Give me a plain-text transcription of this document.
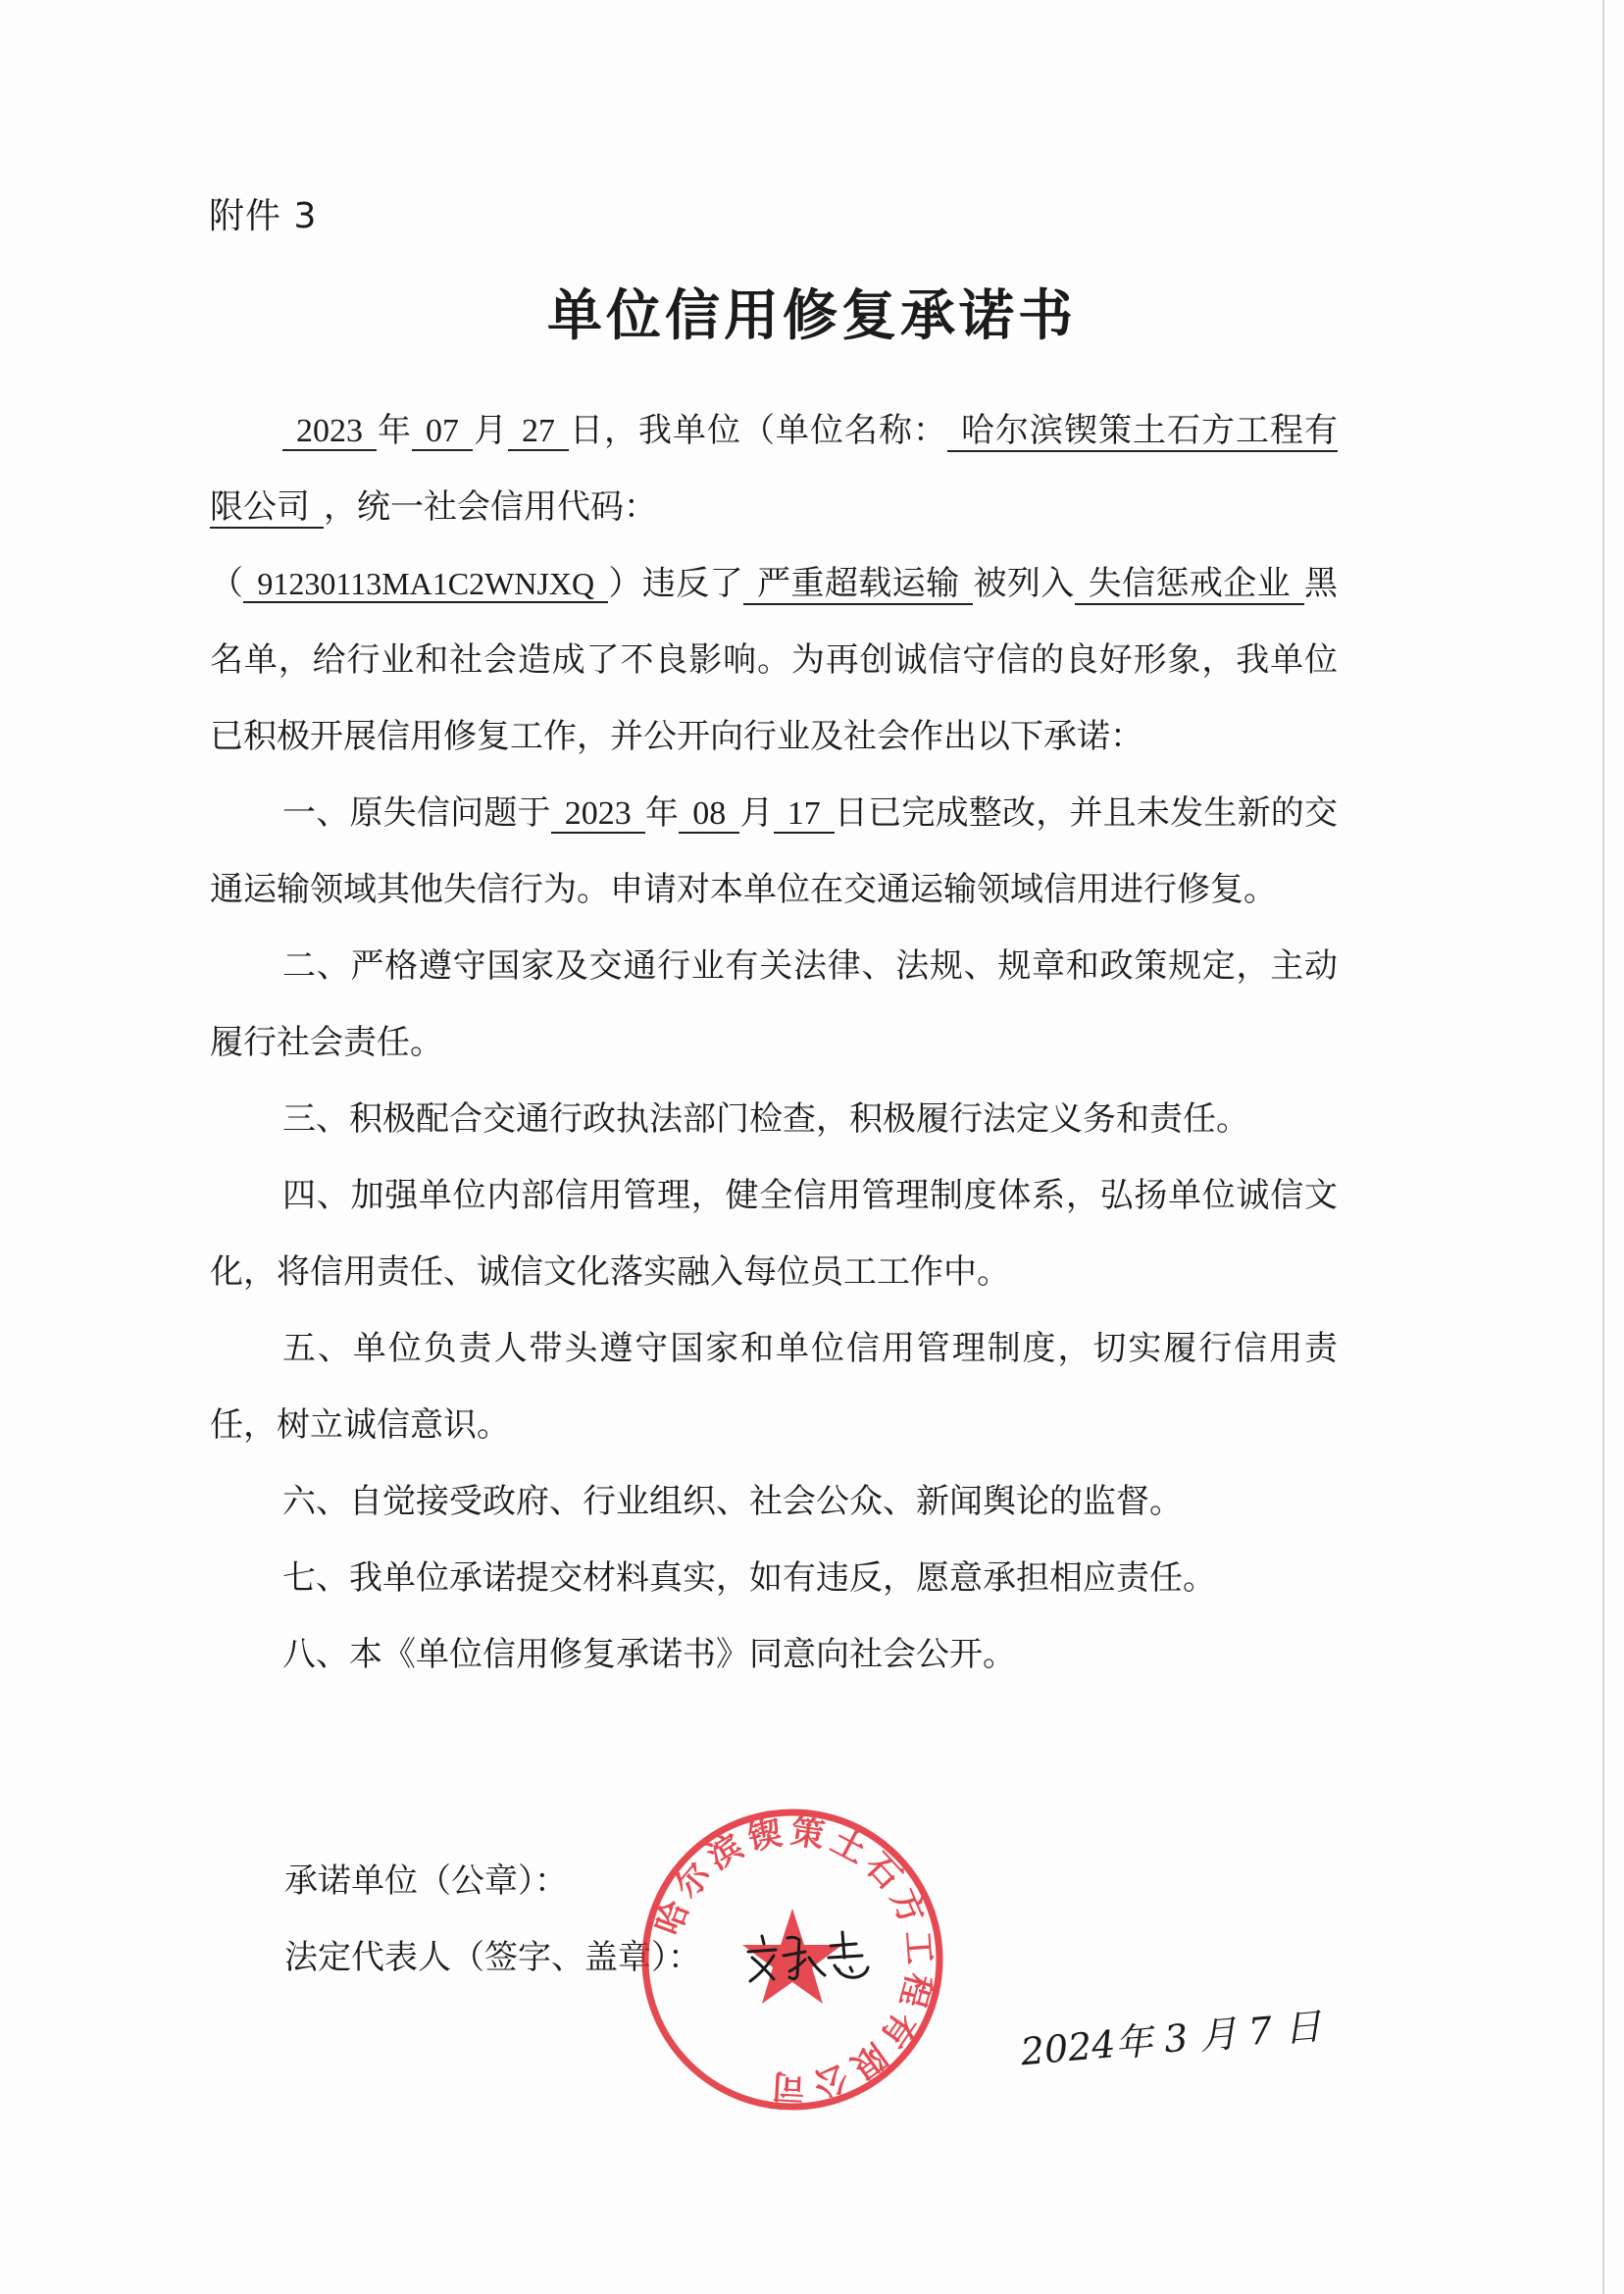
附件 3
单位信用修复承诺书

2023 年 07 月 27 日，我单位（单位名称： 哈尔滨锲策土石方工程有限公司 ，统一社会信用代码：
（ 91230113MA1C2WNJXQ ）违反了 严重超载运输 被列入 失信惩戒企业 黑名单，给行业和社会造成了不良影响。为再创诚信守信的良好形象，我单位已积极开展信用修复工作，并公开向行业及社会作出以下承诺：

一、原失信问题于 2023 年 08 月 17 日已完成整改，并且未发生新的交通运输领域其他失信行为。申请对本单位在交通运输领域信用进行修复。

二、严格遵守国家及交通行业有关法律、法规、规章和政策规定，主动履行社会责任。

三、积极配合交通行政执法部门检查，积极履行法定义务和责任。

四、加强单位内部信用管理，健全信用管理制度体系，弘扬单位诚信文化，将信用责任、诚信文化落实融入每位员工工作中。

五、单位负责人带头遵守国家和单位信用管理制度，切实履行信用责任，树立诚信意识。

六、自觉接受政府、行业组织、社会公众、新闻舆论的监督。

七、我单位承诺提交材料真实，如有违反，愿意承担相应责任。

八、本《单位信用修复承诺书》同意向社会公开。

承诺单位（公章）：
法定代表人（签字、盖章）：
2024年 3 月 7 日
哈尔滨锲策土石方工程有限公司
